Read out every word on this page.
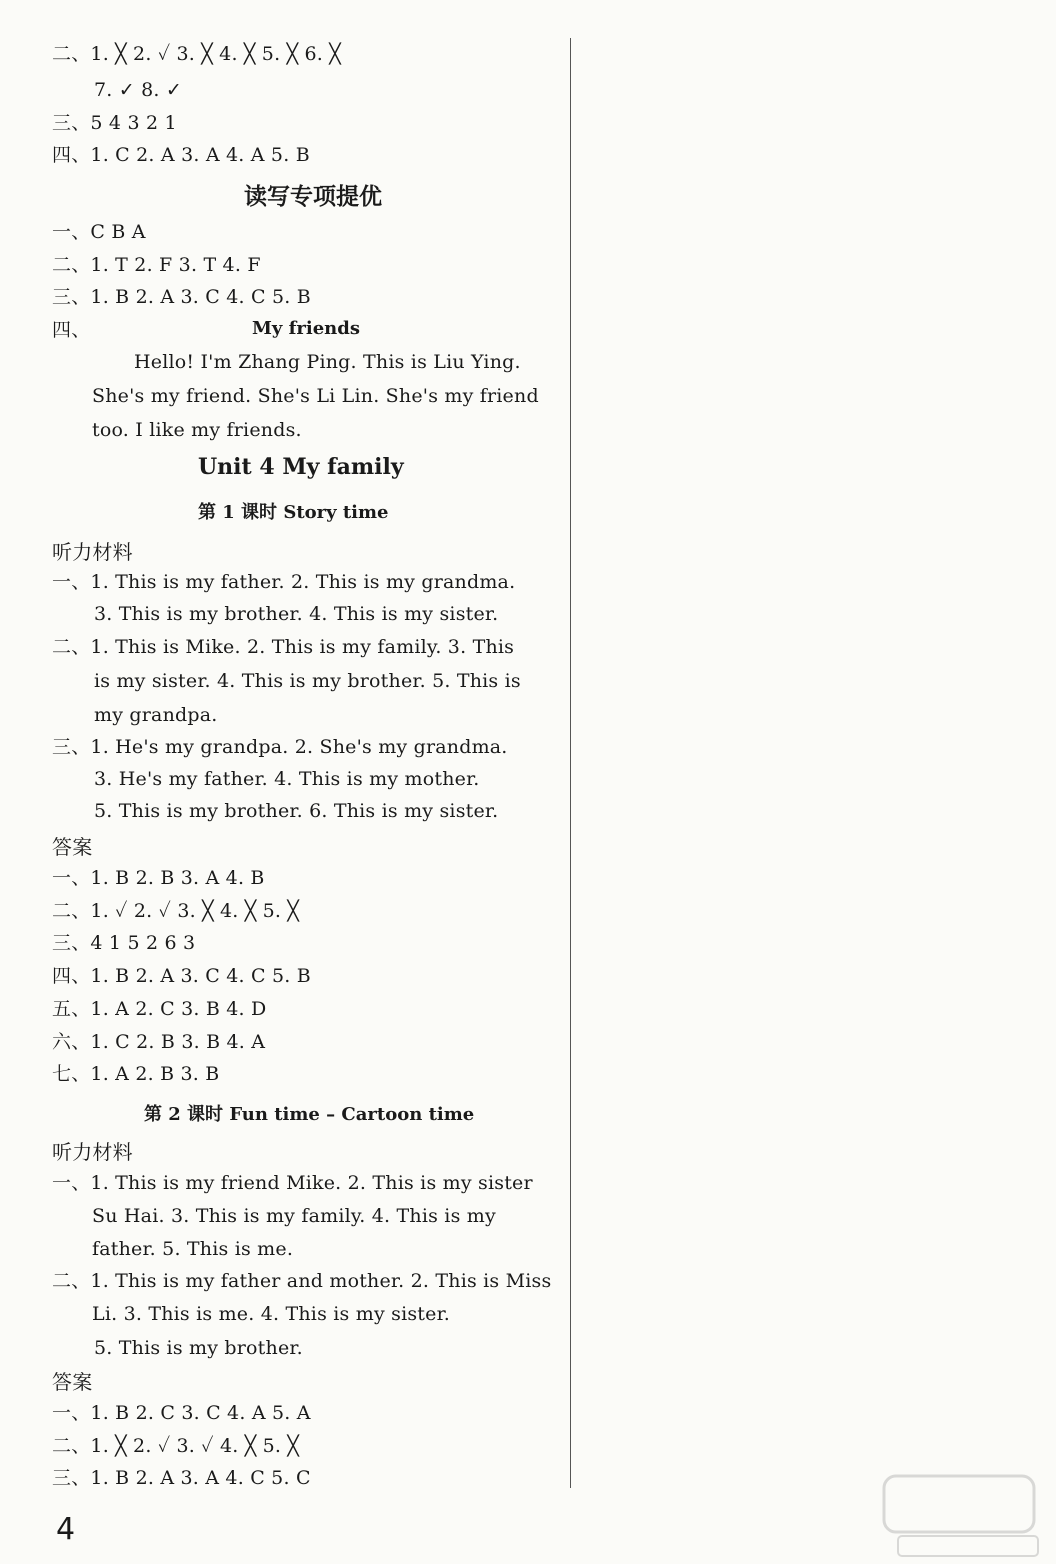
二、1. ╳ 2. ✓ 3. ╳ 4. ╳ 5. ╳ 6. ╳
7. ✓ 8. ✓
三、5 4 3 2 1
四、1. C 2. A 3. A 4. A 5. B
读写专项提优
一、C B A
二、1. T 2. F 3. T 4. F
三、1. B 2. A 3. C 4. C 5. B
四、	My friends
Hello! I'm Zhang Ping. This is Liu Ying.
She's my friend. She's Li Lin. She's my friend
too. I like my friends.
Unit 4 My family
第 1 课时 Story time
听力材料
一、1. This is my father. 2. This is my grandma.
3. This is my brother. 4. This is my sister.
二、1. This is Mike. 2. This is my family. 3. This
is my sister. 4. This is my brother. 5. This is
my grandpa.
三、1. He's my grandpa. 2. She's my grandma.
3. He's my father. 4. This is my mother.
5. This is my brother. 6. This is my sister.
答案
一、1. B 2. B 3. A 4. B
二、1. ✓ 2. ✓ 3. ╳ 4. ╳ 5. ╳
三、4 1 5 2 6 3
四、1. B 2. A 3. C 4. C 5. B
五、1. A 2. C 3. B 4. D
六、1. C 2. B 3. B 4. A
七、1. A 2. B 3. B
第 2 课时 Fun time – Cartoon time
听力材料
一、1. This is my friend Mike. 2. This is my sister
Su Hai. 3. This is my family. 4. This is my
father. 5. This is me.
二、1. This is my father and mother. 2. This is Miss
Li. 3. This is me. 4. This is my sister.
5. This is my brother.
答案
一、1. B 2. C 3. C 4. A 5. A
二、1. ╳ 2. ✓ 3. ✓ 4. ╳ 5. ╳
三、1. B 2. A 3. A 4. C 5. C
4
